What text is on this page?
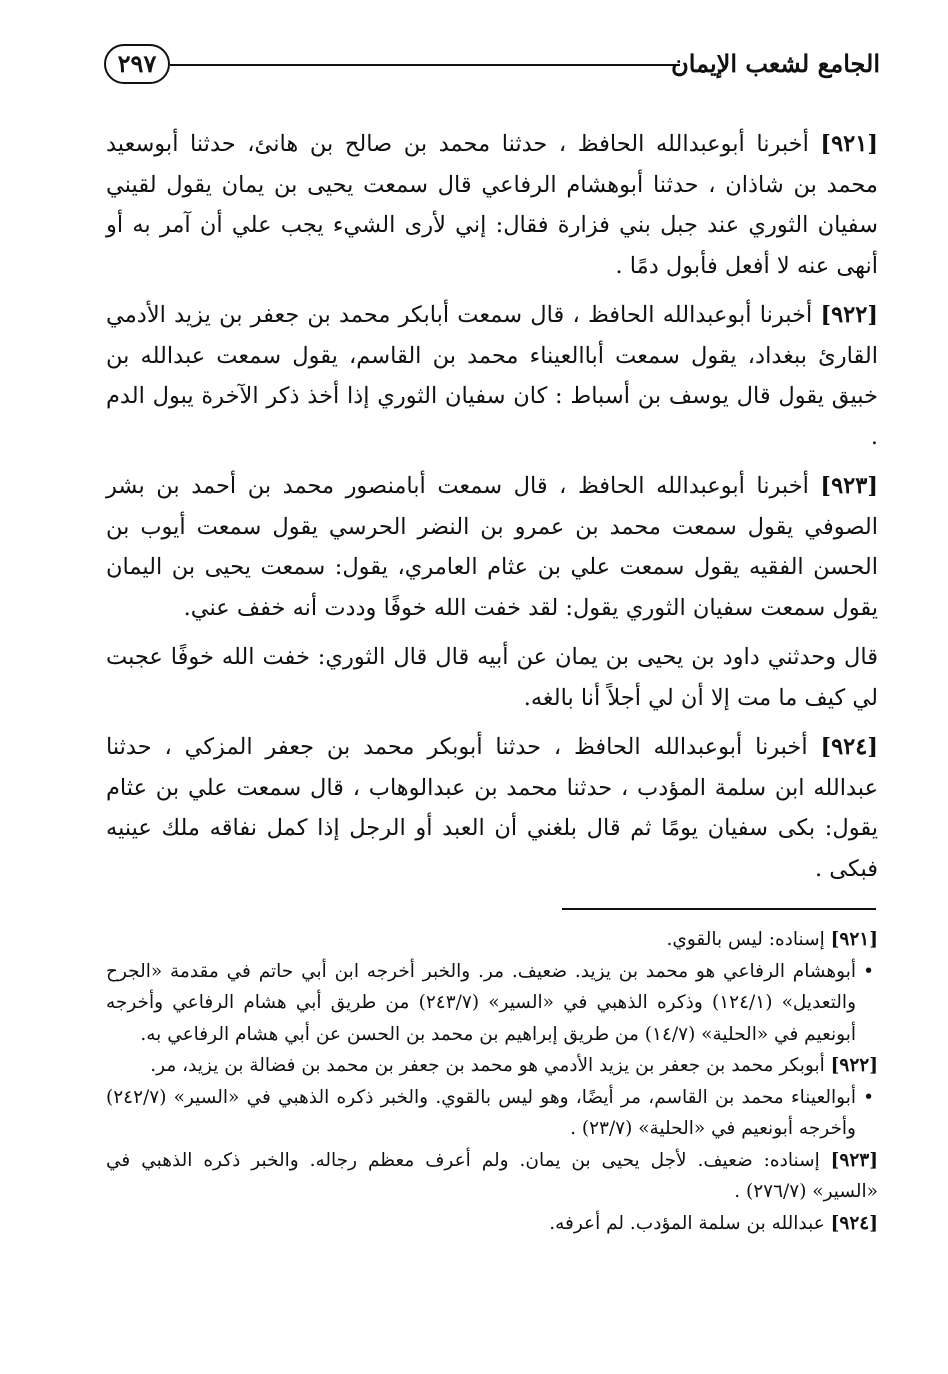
٢٩٧	الجامع لشعب الإيمان

[٩٢١] أخبرنا أبوعبدالله الحافظ ، حدثنا محمد بن صالح بن هانئ، حدثنا أبوسعيد محمد بن شاذان ، حدثنا أبوهشام الرفاعي قال سمعت يحيى بن يمان يقول لقيني سفيان الثوري عند جبل بني فزارة فقال: إني لأرى الشيء يجب علي أن آمر به أو أنهى عنه لا أفعل فأبول دمًا .

[٩٢٢] أخبرنا أبوعبدالله الحافظ ، قال سمعت أبابكر محمد بن جعفر بن يزيد الأدمي القارئ ببغداد، يقول سمعت أباالعيناء محمد بن القاسم، يقول سمعت عبدالله بن خبيق يقول قال يوسف بن أسباط : كان سفيان الثوري إذا أخذ ذكر الآخرة يبول الدم .

[٩٢٣] أخبرنا أبوعبدالله الحافظ ، قال سمعت أبامنصور محمد بن أحمد بن بشر الصوفي يقول سمعت محمد بن عمرو بن النضر الحرسي يقول سمعت أيوب بن الحسن الفقيه يقول سمعت علي بن عثام العامري، يقول: سمعت يحيى بن اليمان يقول سمعت سفيان الثوري يقول: لقد خفت الله خوفًا وددت أنه خفف عني.

قال وحدثني داود بن يحيى بن يمان عن أبيه قال قال الثوري: خفت الله خوفًا عجبت لي كيف ما مت إلا أن لي أجلاً أنا بالغه.

[٩٢٤] أخبرنا أبوعبدالله الحافظ ، حدثنا أبوبكر محمد بن جعفر المزكي ، حدثنا عبدالله ابن سلمة المؤدب ، حدثنا محمد بن عبدالوهاب ، قال سمعت علي بن عثام يقول: بكى سفيان يومًا ثم قال بلغني أن العبد أو الرجل إذا كمل نفاقه ملك عينيه فبكى .

[٩٢١] إسناده: ليس بالقوي.

•
أبوهشام الرفاعي هو محمد بن يزيد. ضعيف. مر. والخبر أخرجه ابن أبي حاتم في مقدمة «الجرح والتعديل» (١٢٤/١) وذكره الذهبي في «السير» (٢٤٣/٧) من طريق أبي هشام الرفاعي وأخرجه أبونعيم في «الحلية» (١٤/٧) من طريق إبراهيم بن محمد بن الحسن عن أبي هشام الرفاعي به.

[٩٢٢] أبوبكر محمد بن جعفر بن يزيد الأدمي هو محمد بن جعفر بن محمد بن فضالة بن يزيد، مر.

•
أبوالعيناء محمد بن القاسم، مر أيضًا، وهو ليس بالقوي. والخبر ذكره الذهبي في «السير» (٢٤٢/٧) وأخرجه أبونعيم في «الحلية» (٢٣/٧) .

[٩٢٣] إسناده: ضعيف. لأجل يحيى بن يمان. ولم أعرف معظم رجاله. والخبر ذكره الذهبي في «السير» (٢٧٦/٧) .

[٩٢٤] عبدالله بن سلمة المؤدب. لم أعرفه.
